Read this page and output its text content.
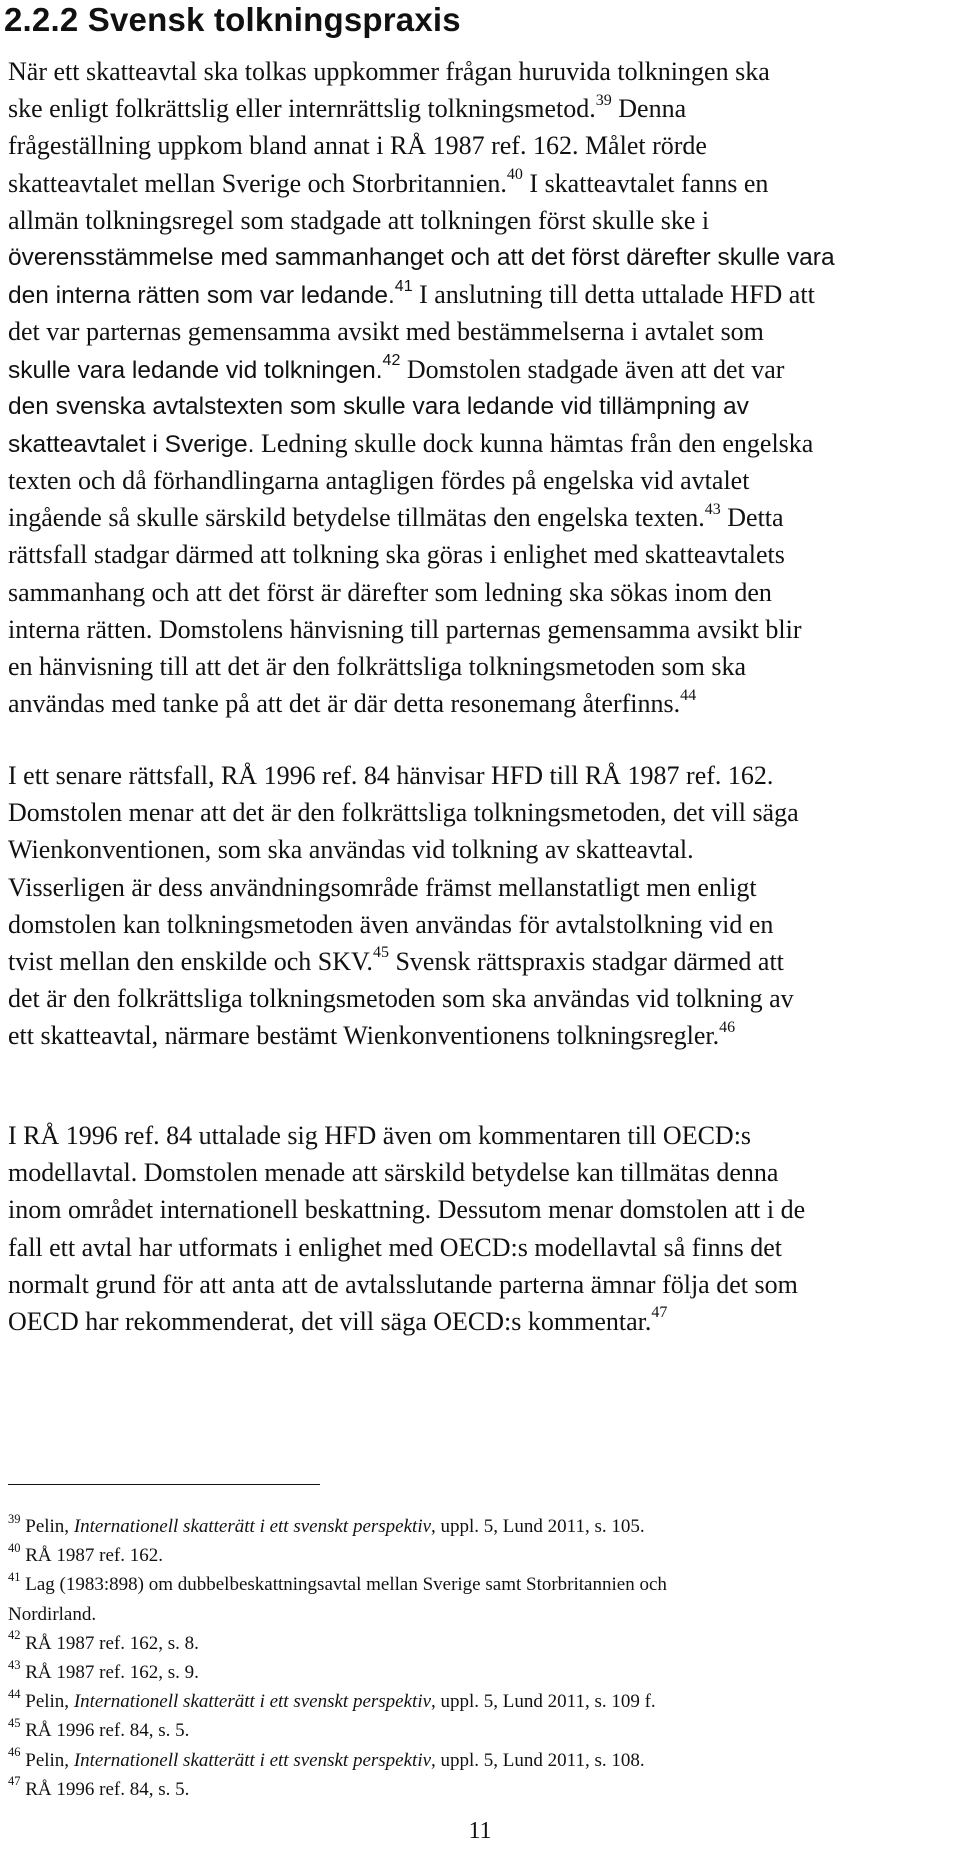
2.2.2 Svensk tolkningspraxis
När ett skatteavtal ska tolkas uppkommer frågan huruvida tolkningen ska
ske enligt folkrättslig eller internrättslig tolkningsmetod.$^{39}$ Denna
frågeställning uppkom bland annat i RÅ 1987 ref. 162. Målet rörde
skatteavtalet mellan Sverige och Storbritannien.$^{40}$ I skatteavtalet fanns en
allmän tolkningsregel som stadgade att tolkningen först skulle ske i
överensstämmelse med sammanhanget och att det först därefter skulle vara
den interna rätten som var ledande.$^{41}$ I anslutning till detta uttalade HFD att
det var parternas gemensamma avsikt med bestämmelserna i avtalet som
skulle vara ledande vid tolkningen.$^{42}$ Domstolen stadgade även att det var
den svenska avtalstexten som skulle vara ledande vid tillämpning av
skatteavtalet i Sverige. Ledning skulle dock kunna hämtas från den engelska
texten och då förhandlingarna antagligen fördes på engelska vid avtalet
ingående så skulle särskild betydelse tillmätas den engelska texten.$^{43}$ Detta
rättsfall stadgar därmed att tolkning ska göras i enlighet med skatteavtalets
sammanhang och att det först är därefter som ledning ska sökas inom den
interna rätten. Domstolens hänvisning till parternas gemensamma avsikt blir
en hänvisning till att det är den folkrättsliga tolkningsmetoden som ska
användas med tanke på att det är där detta resonemang återfinns.$^{44}$
I ett senare rättsfall, RÅ 1996 ref. 84 hänvisar HFD till RÅ 1987 ref. 162.
Domstolen menar att det är den folkrättsliga tolkningsmetoden, det vill säga
Wienkonventionen, som ska användas vid tolkning av skatteavtal.
Visserligen är dess användningsområde främst mellanstatligt men enligt
domstolen kan tolkningsmetoden även användas för avtalstolkning vid en
tvist mellan den enskilde och SKV.$^{45}$ Svensk rättspraxis stadgar därmed att
det är den folkrättsliga tolkningsmetoden som ska användas vid tolkning av
ett skatteavtal, närmare bestämt Wienkonventionens tolkningsregler.$^{46}$
I RÅ 1996 ref. 84 uttalade sig HFD även om kommentaren till OECD:s
modellavtal. Domstolen menade att särskild betydelse kan tillmätas denna
inom området internationell beskattning. Dessutom menar domstolen att i de
fall ett avtal har utformats i enlighet med OECD:s modellavtal så finns det
normalt grund för att anta att de avtalsslutande parterna ämnar följa det som
OECD har rekommenderat, det vill säga OECD:s kommentar.$^{47}$
$^{39}$ Pelin, Internationell skatterätt i ett svenskt perspektiv, uppl. 5, Lund 2011, s. 105.
$^{40}$ RÅ 1987 ref. 162.
$^{41}$ Lag (1983:898) om dubbelbeskattningsavtal mellan Sverige samt Storbritannien och
Nordirland.
$^{42}$ RÅ 1987 ref. 162, s. 8.
$^{43}$ RÅ 1987 ref. 162, s. 9.
$^{44}$ Pelin, Internationell skatterätt i ett svenskt perspektiv, uppl. 5, Lund 2011, s. 109 f.
$^{45}$ RÅ 1996 ref. 84, s. 5.
$^{46}$ Pelin, Internationell skatterätt i ett svenskt perspektiv, uppl. 5, Lund 2011, s. 108.
$^{47}$ RÅ 1996 ref. 84, s. 5.
11
